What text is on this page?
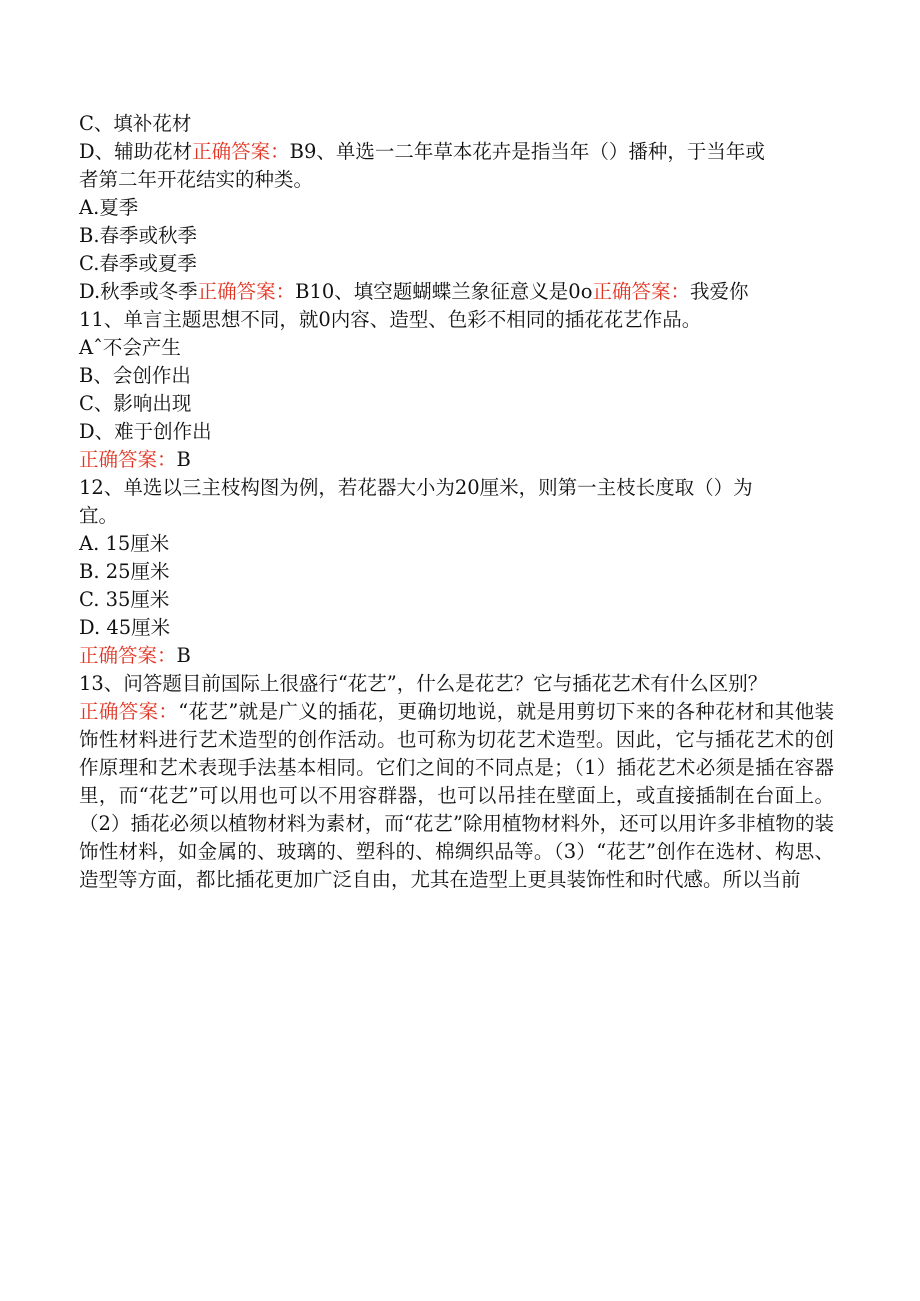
C、填补花材
D、辅助花材正确答案：B9、单选一二年草本花卉是指当年（）播种，于当年或
者第二年开花结实的种类。
A.夏季
B.春季或秋季
C.春季或夏季
D.秋季或冬季正确答案：B10、填空题蝴蝶兰象征意义是0o正确答案：我爱你
11、单言主题思想不同，就0内容、造型、色彩不相同的插花花艺作品。
Aˆ不会产生
B、会创作出
C、影响出现
D、难于创作出
正确答案：B
12、单选以三主枝构图为例，若花器大小为20厘米，则第一主枝长度取（）为
宜。
A. 15厘米
B. 25厘米
C. 35厘米
D. 45厘米
正确答案：B
13、问答题目前国际上很盛行“花艺”，什么是花艺？它与插花艺术有什么区别？

正确答案：“花艺”就是广义的插花，更确切地说，就是用剪切下来的各种花材和其他装饰性材料进行艺术造型的创作活动。也可称为切花艺术造型。因此，它与插花艺术的创作原理和艺术表现手法基本相同。它们之间的不同点是；（1）插花艺术必须是插在容器里，而“花艺”可以用也可以不用容群器，也可以吊挂在壁面上，或直接插制在台面上。（2）插花必须以植物材料为素材，而“花艺”除用植物材料外，还可以用许多非植物的装饰性材料，如金属的、玻璃的、塑科的、棉绸织品等。（3）“花艺”创作在选材、构思、造型等方面，都比插花更加广泛自由，尤其在造型上更具装饰性和时代感。所以当前
